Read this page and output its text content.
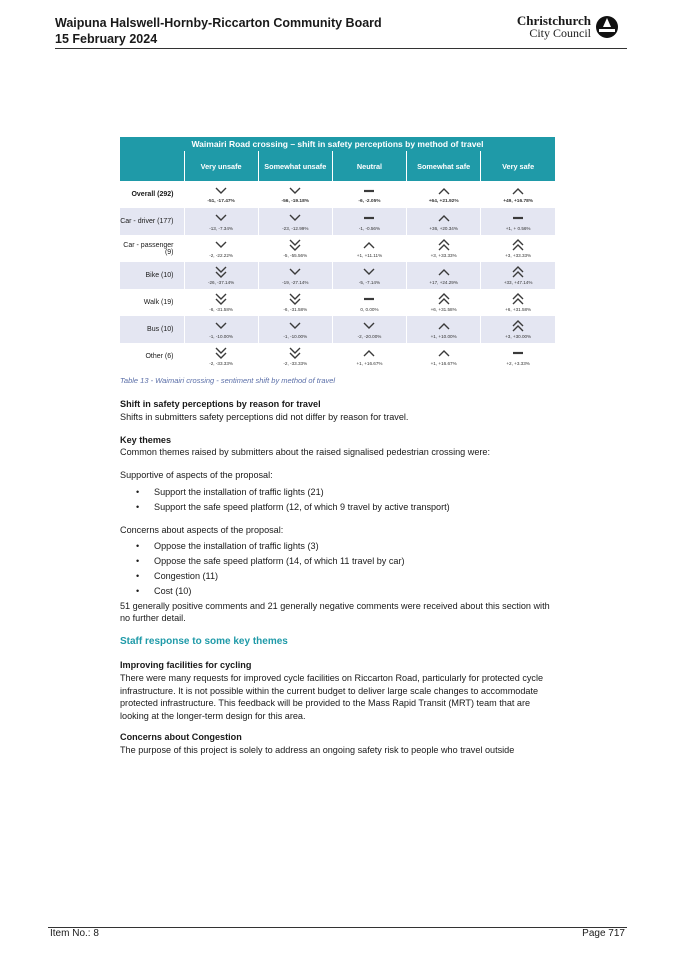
Waipuna Halswell-Hornby-Riccarton Community Board
15 February 2024
Christchurch
City Council
Waimairi Road crossing – shift in safety perceptions by method of travel
	Very unsafe	Somewhat unsafe	Neutral	Somewhat safe	Very safe
Overall (292)	-51, -17.47%	-56, -19.18%	-6, -2.05%	+64, +21.92%	+49, +16.78%

Car - driver (177)	-13, -7.34%	-23, -12.99%	-1, -0.56%	+36, +20.34%	+1, + 0.56%

Car - passenger (9)	-2, -22.22%	-5, -55.56%	+1, +11.11%	+3, +33.33%	+3, +33.33%

Bike (10)	-26, -37.14%	-19, -27.14%	-5, -7.14%	+17, +24.29%	+33, +47.14%

Walk (19)	-6, -31.58%	-6, -31.58%	0, 0.00%	+6, +31.58%	+6, +31.58%

Bus (10)	-1, -10.00%	-1, -10.00%	-2, -20.00%	+1, +10.00%	+3, +30.00%

Other (6)	-2, -33.33%	-2, -33.33%	+1, +16.67%	+1, +16.67%	+2, +3.33%
Table 13 - Waimairi crossing - sentiment shift by method of travel

Shift in safety perceptions by reason for travel

Shifts in submitters safety perceptions did not differ by reason for travel.

Key themes

Common themes raised by submitters about the raised signalised pedestrian crossing were:

Supportive of aspects of the proposal:

• Support the installation of traffic lights (21)
• Support the safe speed platform (12, of which 9 travel by active transport)

Concerns about aspects of the proposal:

• Oppose the installation of traffic lights (3)
• Oppose the safe speed platform (14, of which 11 travel by car)
• Congestion (11)
• Cost (10)

51 generally positive comments and 21 generally negative comments were received about this section with no further detail.

Staff response to some key themes

Improving facilities for cycling

There were many requests for improved cycle facilities on Riccarton Road, particularly for protected cycle infrastructure. It is not possible within the current budget to deliver large scale changes to accommodate protected infrastructure. This feedback will be provided to the Mass Rapid Transit (MRT) team that are looking at the longer-term design for this area.

Concerns about Congestion

The purpose of this project is solely to address an ongoing safety risk to people who travel outside

Item No.: 8	Page 717
